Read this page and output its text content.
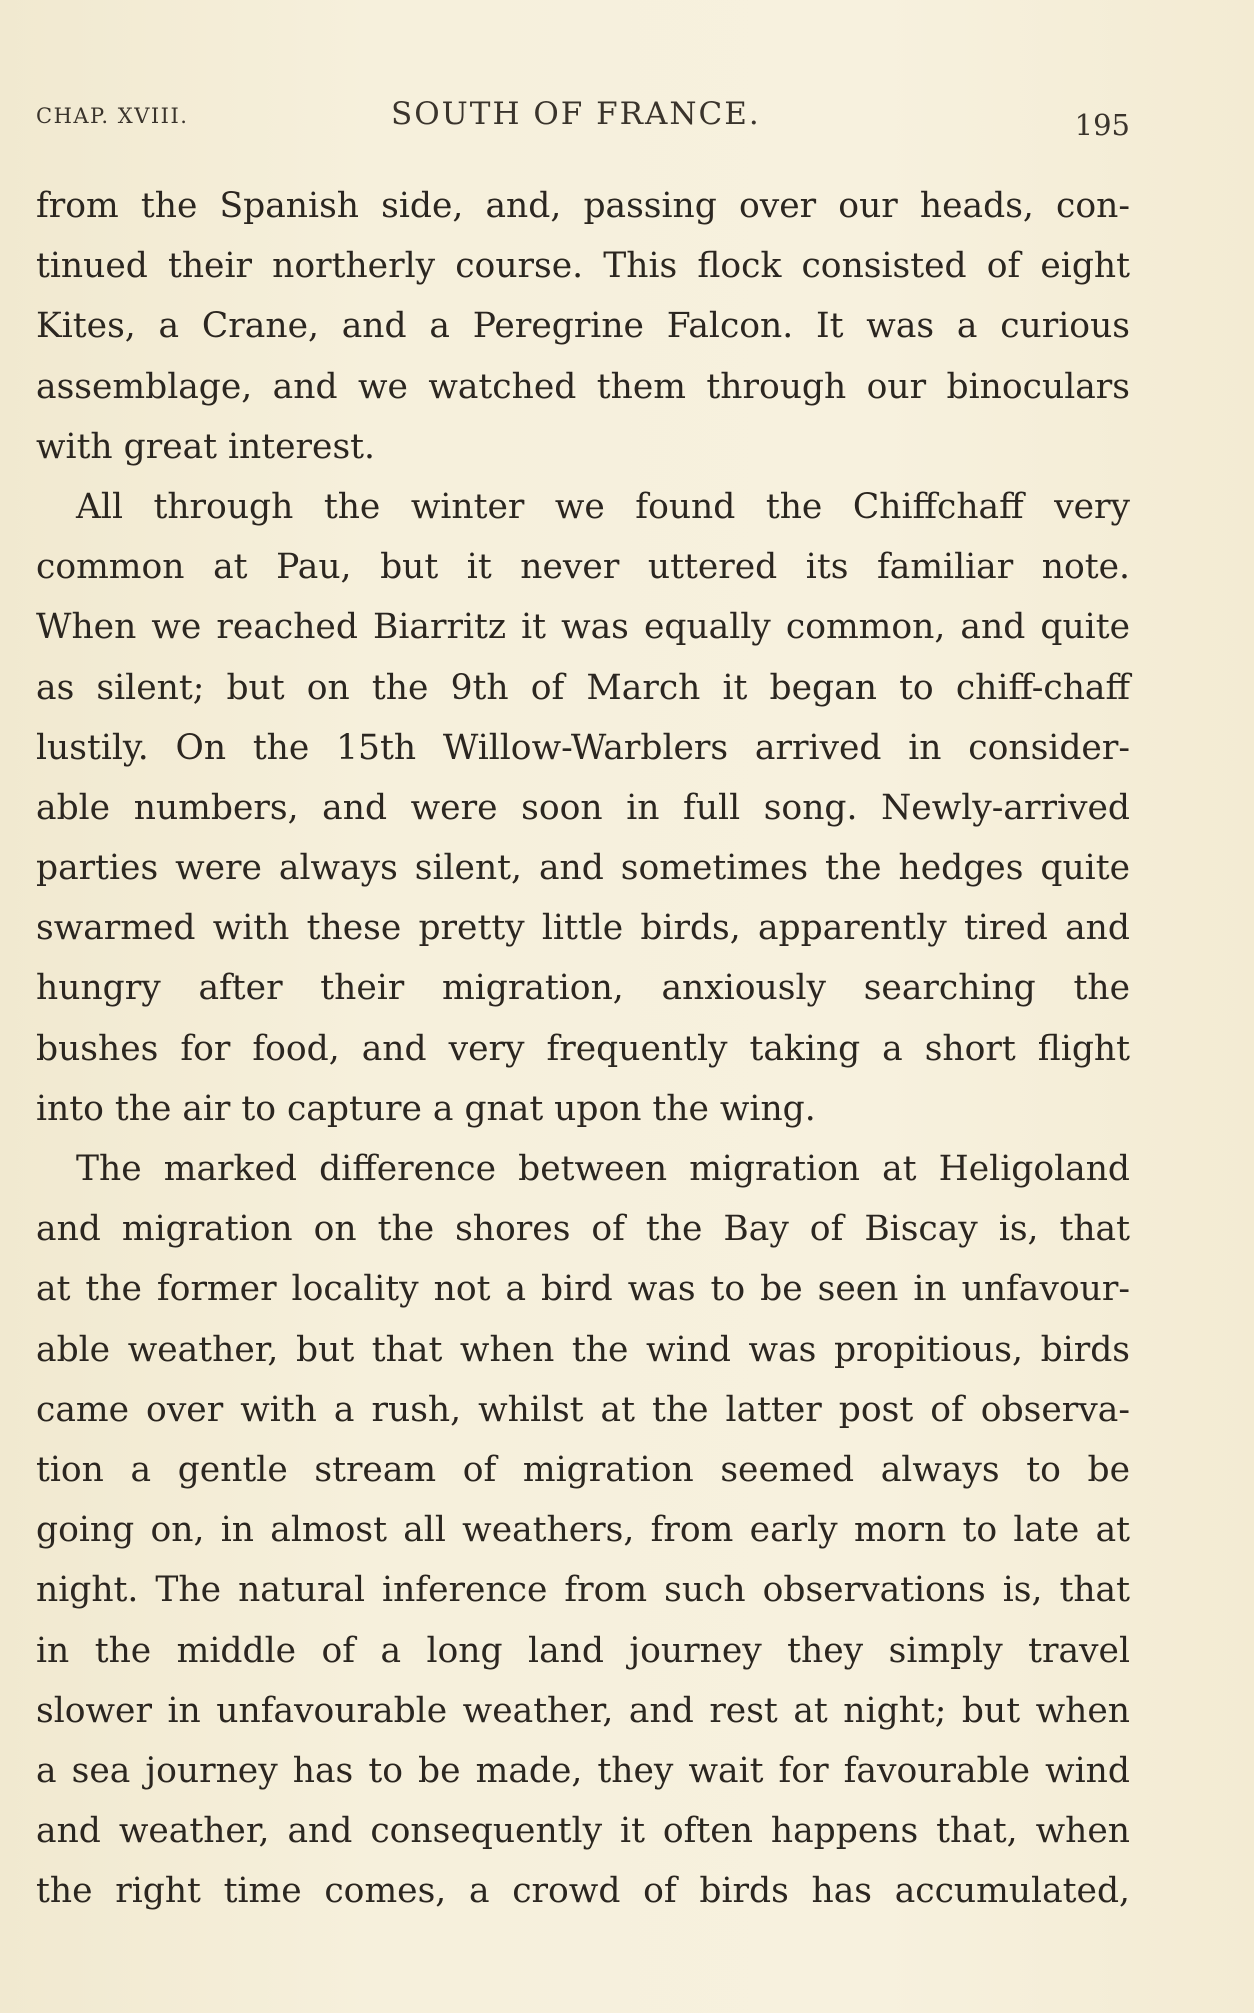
CHAP. XVIII.	SOUTH OF FRANCE.	195
from the Spanish side, and, passing over our heads, con-
tinued their northerly course. This flock consisted of eight
Kites, a Crane, and a Peregrine Falcon. It was a curious
assemblage, and we watched them through our binoculars
with great interest.
All through the winter we found the Chiffchaff very
common at Pau, but it never uttered its familiar note.
When we reached Biarritz it was equally common, and quite
as silent; but on the 9th of March it began to chiff-chaff
lustily. On the 15th Willow-Warblers arrived in consider-
able numbers, and were soon in full song. Newly-arrived
parties were always silent, and sometimes the hedges quite
swarmed with these pretty little birds, apparently tired and
hungry after their migration, anxiously searching the
bushes for food, and very frequently taking a short flight
into the air to capture a gnat upon the wing.
The marked difference between migration at Heligoland
and migration on the shores of the Bay of Biscay is, that
at the former locality not a bird was to be seen in unfavour-
able weather, but that when the wind was propitious, birds
came over with a rush, whilst at the latter post of observa-
tion a gentle stream of migration seemed always to be
going on, in almost all weathers, from early morn to late at
night. The natural inference from such observations is, that
in the middle of a long land journey they simply travel
slower in unfavourable weather, and rest at night; but when
a sea journey has to be made, they wait for favourable wind
and weather, and consequently it often happens that, when
the right time comes, a crowd of birds has accumulated,
